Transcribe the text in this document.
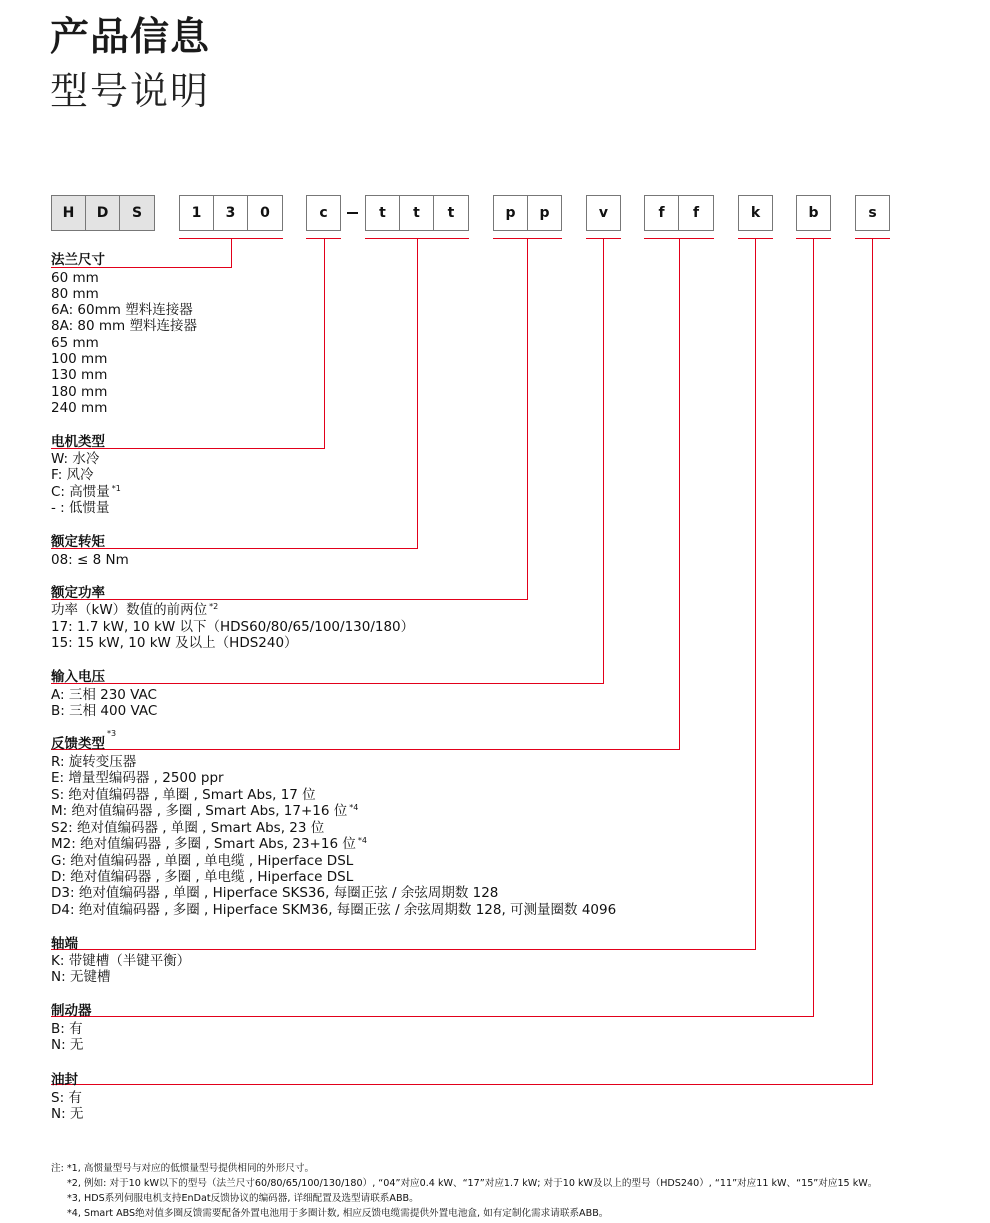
产品信息
型号说明
H	D	S	1	3	0	c	t	t	t	p	p	v	f	f	k	b	s
法兰尺寸
60 mm
80 mm
6A: 60mm 塑料连接器
8A: 80 mm 塑料连接器
65 mm
100 mm
130 mm
180 mm
240 mm
电机类型
W: 水冷
F: 风冷
C: 高惯量 $^{*1}$
- : 低惯量
额定转矩
08: ≤ 8 Nm
额定功率
功率（kW）数值的前两位 $^{*2}$
17: 1.7 kW, 10 kW 以下（HDS60/80/65/100/130/180）
15: 15 kW, 10 kW 及以上（HDS240）
输入电压
A: 三相 230 VAC
B: 三相 400 VAC
反馈类型$^{*3}$
R: 旋转变压器
E: 增量型编码器 , 2500 ppr
S: 绝对值编码器 , 单圈 , Smart Abs, 17 位
M: 绝对值编码器 , 多圈 , Smart Abs, 17+16 位 $^{*4}$
S2: 绝对值编码器 , 单圈 , Smart Abs, 23 位
M2: 绝对值编码器 , 多圈 , Smart Abs, 23+16 位 $^{*4}$
G: 绝对值编码器 , 单圈 , 单电缆 , Hiperface DSL
D: 绝对值编码器 , 多圈 , 单电缆 , Hiperface DSL
D3: 绝对值编码器 , 单圈 , Hiperface SKS36, 每圈正弦 / 余弦周期数 128
D4: 绝对值编码器 , 多圈 , Hiperface SKM36, 每圈正弦 / 余弦周期数 128, 可测量圈数 4096
轴端
K: 带键槽（半键平衡）
N: 无键槽
制动器
B: 有
N: 无
油封
S: 有
N: 无
注: *1, 高惯量型号与对应的低惯量型号提供相同的外形尺寸。
*2, 例如: 对于10 kW以下的型号（法兰尺寸60/80/65/100/130/180）, “04”对应0.4 kW、“17”对应1.7 kW; 对于10 kW及以上的型号（HDS240）, “11”对应11 kW、“15”对应15 kW。
*3, HDS系列伺服电机支持EnDat反馈协议的编码器, 详细配置及选型请联系ABB。
*4, Smart ABS绝对值多圈反馈需要配备外置电池用于多圈计数, 相应反馈电缆需提供外置电池盒, 如有定制化需求请联系ABB。
